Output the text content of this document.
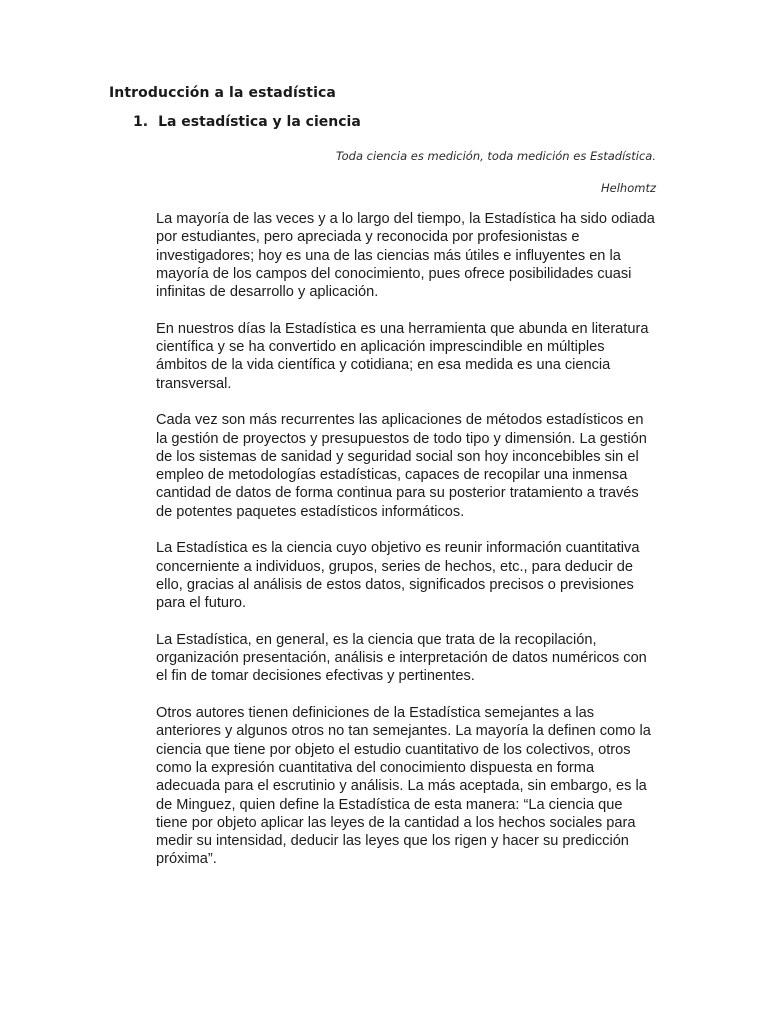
Introducción a la estadística
1. La estadística y la ciencia
Toda ciencia es medición, toda medición es Estadística.
Helhomtz

La mayoría de las veces y a lo largo del tiempo, la Estadística ha sido odiada por estudiantes, pero apreciada y reconocida por profesionistas e investigadores; hoy es una de las ciencias más útiles e influyentes en la mayoría de los campos del conocimiento, pues ofrece posibilidades cuasi infinitas de desarrollo y aplicación.

En nuestros días la Estadística es una herramienta que abunda en literatura científica y se ha convertido en aplicación imprescindible en múltiples ámbitos de la vida científica y cotidiana; en esa medida es una ciencia transversal.

Cada vez son más recurrentes las aplicaciones de métodos estadísticos en la gestión de proyectos y presupuestos de todo tipo y dimensión. La gestión de los sistemas de sanidad y seguridad social son hoy inconcebibles sin el empleo de metodologías estadísticas, capaces de recopilar una inmensa cantidad de datos de forma continua para su posterior tratamiento a través de potentes paquetes estadísticos informáticos.

La Estadística es la ciencia cuyo objetivo es reunir información cuantitativa concerniente a individuos, grupos, series de hechos, etc., para deducir de ello, gracias al análisis de estos datos, significados precisos o previsiones para el futuro.

La Estadística, en general, es la ciencia que trata de la recopilación, organización presentación, análisis e interpretación de datos numéricos con el fin de tomar decisiones efectivas y pertinentes.

Otros autores tienen definiciones de la Estadística semejantes a las anteriores y algunos otros no tan semejantes. La mayoría la definen como la ciencia que tiene por objeto el estudio cuantitativo de los colectivos, otros como la expresión cuantitativa del conocimiento dispuesta en forma adecuada para el escrutinio y análisis. La más aceptada, sin embargo, es la de Minguez, quien define la Estadística de esta manera: “La ciencia que tiene por objeto aplicar las leyes de la cantidad a los hechos sociales para medir su intensidad, deducir las leyes que los rigen y hacer su predicción próxima”.
